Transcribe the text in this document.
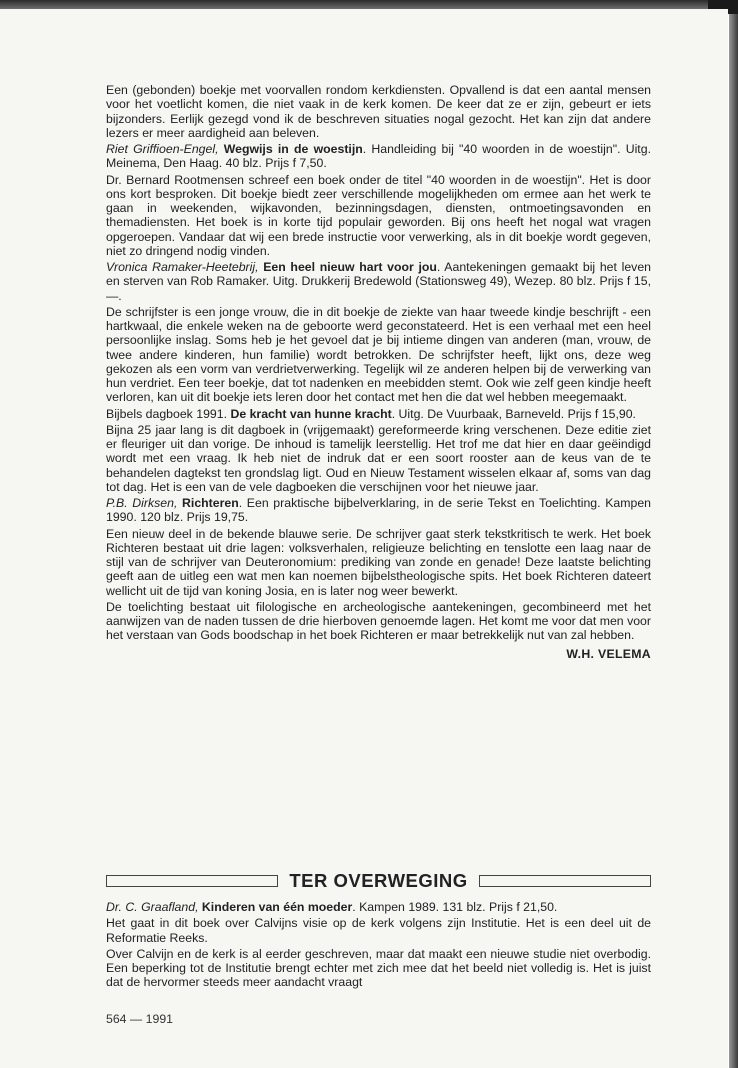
Een (gebonden) boekje met voorvallen rondom kerkdiensten. Opvallend is dat een aantal mensen voor het voetlicht komen, die niet vaak in de kerk komen. De keer dat ze er zijn, gebeurt er iets bijzonders. Eerlijk gezegd vond ik de beschreven situaties nogal gezocht. Het kan zijn dat andere lezers er meer aardigheid aan beleven.

Riet Griffioen-Engel, Wegwijs in de woestijn. Handleiding bij "40 woorden in de woestijn". Uitg. Meinema, Den Haag. 40 blz. Prijs f 7,50.

Dr. Bernard Rootmensen schreef een boek onder de titel "40 woorden in de woestijn". Het is door ons kort besproken. Dit boekje biedt zeer verschillende mogelijkheden om ermee aan het werk te gaan in weekenden, wijkavonden, bezinningsdagen, diensten, ontmoetingsavonden en themadiensten. Het boek is in korte tijd populair geworden. Bij ons heeft het nogal wat vragen opgeroepen. Vandaar dat wij een brede instructie voor verwerking, als in dit boekje wordt gegeven, niet zo dringend nodig vinden.

Vronica Ramaker-Heetebrij, Een heel nieuw hart voor jou. Aantekeningen gemaakt bij het leven en sterven van Rob Ramaker. Uitg. Drukkerij Bredewold (Stationsweg 49), Wezep. 80 blz. Prijs f 15,—.

De schrijfster is een jonge vrouw, die in dit boekje de ziekte van haar tweede kindje beschrijft - een hartkwaal, die enkele weken na de geboorte werd geconstateerd. Het is een verhaal met een heel persoonlijke inslag. Soms heb je het gevoel dat je bij intieme dingen van anderen (man, vrouw, de twee andere kinderen, hun familie) wordt betrokken. De schrijfster heeft, lijkt ons, deze weg gekozen als een vorm van verdrietverwerking. Tegelijk wil ze anderen helpen bij de verwerking van hun verdriet. Een teer boekje, dat tot nadenken en meebidden stemt. Ook wie zelf geen kindje heeft verloren, kan uit dit boekje iets leren door het contact met hen die dat wel hebben meegemaakt.

Bijbels dagboek 1991. De kracht van hunne kracht. Uitg. De Vuurbaak, Barneveld. Prijs f 15,90.

Bijna 25 jaar lang is dit dagboek in (vrijgemaakt) gereformeerde kring verschenen. Deze editie ziet er fleuriger uit dan vorige. De inhoud is tamelijk leerstellig. Het trof me dat hier en daar geëindigd wordt met een vraag. Ik heb niet de indruk dat er een soort rooster aan de keus van de te behandelen dagtekst ten grondslag ligt. Oud en Nieuw Testament wisselen elkaar af, soms van dag tot dag. Het is een van de vele dagboeken die verschijnen voor het nieuwe jaar.

P.B. Dirksen, Richteren. Een praktische bijbelverklaring, in de serie Tekst en Toelichting. Kampen 1990. 120 blz. Prijs 19,75.

Een nieuw deel in de bekende blauwe serie. De schrijver gaat sterk tekstkritisch te werk. Het boek Richteren bestaat uit drie lagen: volksverhalen, religieuze belichting en tenslotte een laag naar de stijl van de schrijver van Deuteronomium: prediking van zonde en genade! Deze laatste belichting geeft aan de uitleg een wat men kan noemen bijbelstheologische spits. Het boek Richteren dateert wellicht uit de tijd van koning Josia, en is later nog weer bewerkt.

De toelichting bestaat uit filologische en archeologische aantekeningen, gecombineerd met het aanwijzen van de naden tussen de drie hierboven genoemde lagen. Het komt me voor dat men voor het verstaan van Gods boodschap in het boek Richteren er maar betrekkelijk nut van zal hebben.

W.H. VELEMA

TER OVERWEGING

Dr. C. Graafland, Kinderen van één moeder. Kampen 1989. 131 blz. Prijs f 21,50.

Het gaat in dit boek over Calvijns visie op de kerk volgens zijn Institutie. Het is een deel uit de Reformatie Reeks.

Over Calvijn en de kerk is al eerder geschreven, maar dat maakt een nieuwe studie niet overbodig. Een beperking tot de Institutie brengt echter met zich mee dat het beeld niet volledig is. Het is juist dat de hervormer steeds meer aandacht vraagt

564 — 1991
